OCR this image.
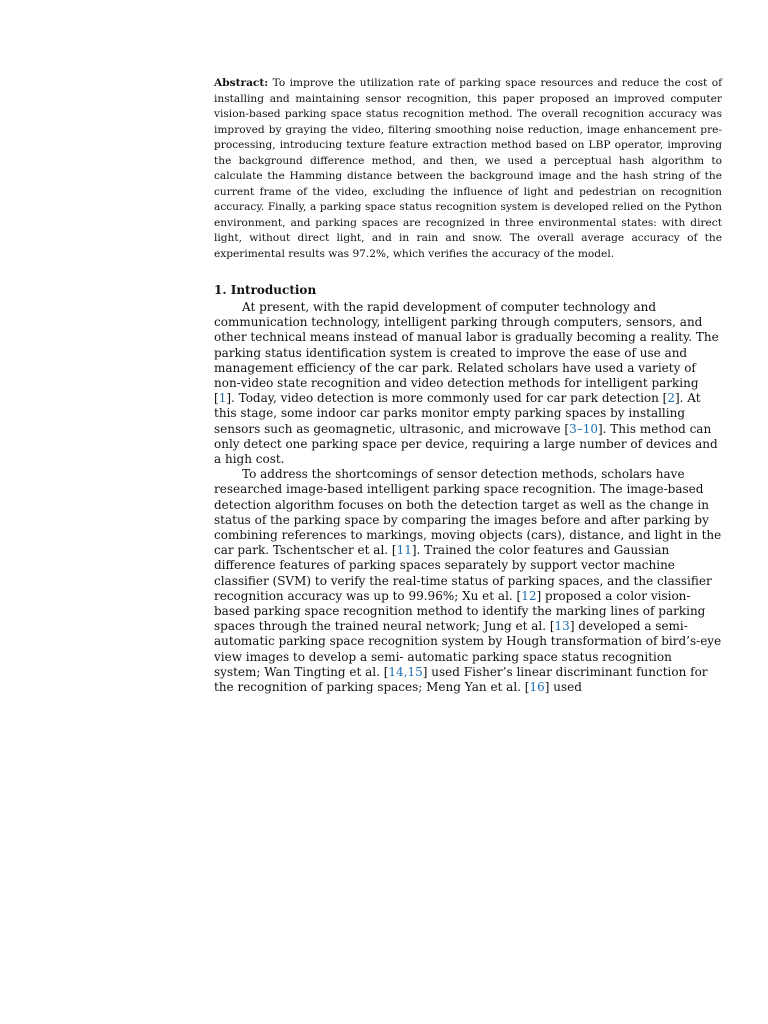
Abstract: To improve the utilization rate of parking space resources and reduce the cost of installing and maintaining sensor recognition, this paper proposed an improved computer vision-based parking space status recognition method. The overall recognition accuracy was improved by graying the video, filtering smoothing noise reduction, image enhancement pre-processing, introducing texture feature extraction method based on LBP operator, improving the background difference method, and then, we used a perceptual hash algorithm to calculate the Hamming distance between the background image and the hash string of the current frame of the video, excluding the influence of light and pedestrian on recognition accuracy. Finally, a parking space status recognition system is developed relied on the Python environment, and parking spaces are recognized in three environmental states: with direct light, without direct light, and in rain and snow. The overall average accuracy of the experimental results was 97.2%, which verifies the accuracy of the model.

1. Introduction

At present, with the rapid development of computer technology and communication technology, intelligent parking through computers, sensors, and other technical means instead of manual labor is gradually becoming a reality. The parking status identification system is created to improve the ease of use and management efficiency of the car park. Related scholars have used a variety of non-video state recognition and video detection methods for intelligent parking [1]. Today, video detection is more commonly used for car park detection [2]. At this stage, some indoor car parks monitor empty parking spaces by installing sensors such as geomagnetic, ultrasonic, and microwave [3–10]. This method can only detect one parking space per device, requiring a large number of devices and a high cost.

To address the shortcomings of sensor detection methods, scholars have researched image-based intelligent parking space recognition. The image-based detection algorithm focuses on both the detection target as well as the change in status of the parking space by comparing the images before and after parking by combining references to markings, moving objects (cars), distance, and light in the car park. Tschentscher et al. [11]. Trained the color features and Gaussian difference features of parking spaces separately by support vector machine classifier (SVM) to verify the real-time status of parking spaces, and the classifier recognition accuracy was up to 99.96%; Xu et al. [12] proposed a color vision-based parking space recognition method to identify the marking lines of parking spaces through the trained neural network; Jung et al. [13] developed a semi-automatic parking space recognition system by Hough transformation of bird’s-eye view images to develop a semi- automatic parking space status recognition system; Wan Tingting et al. [14,15] used Fisher’s linear discriminant function for the recognition of parking spaces; Meng Yan et al. [16] used
